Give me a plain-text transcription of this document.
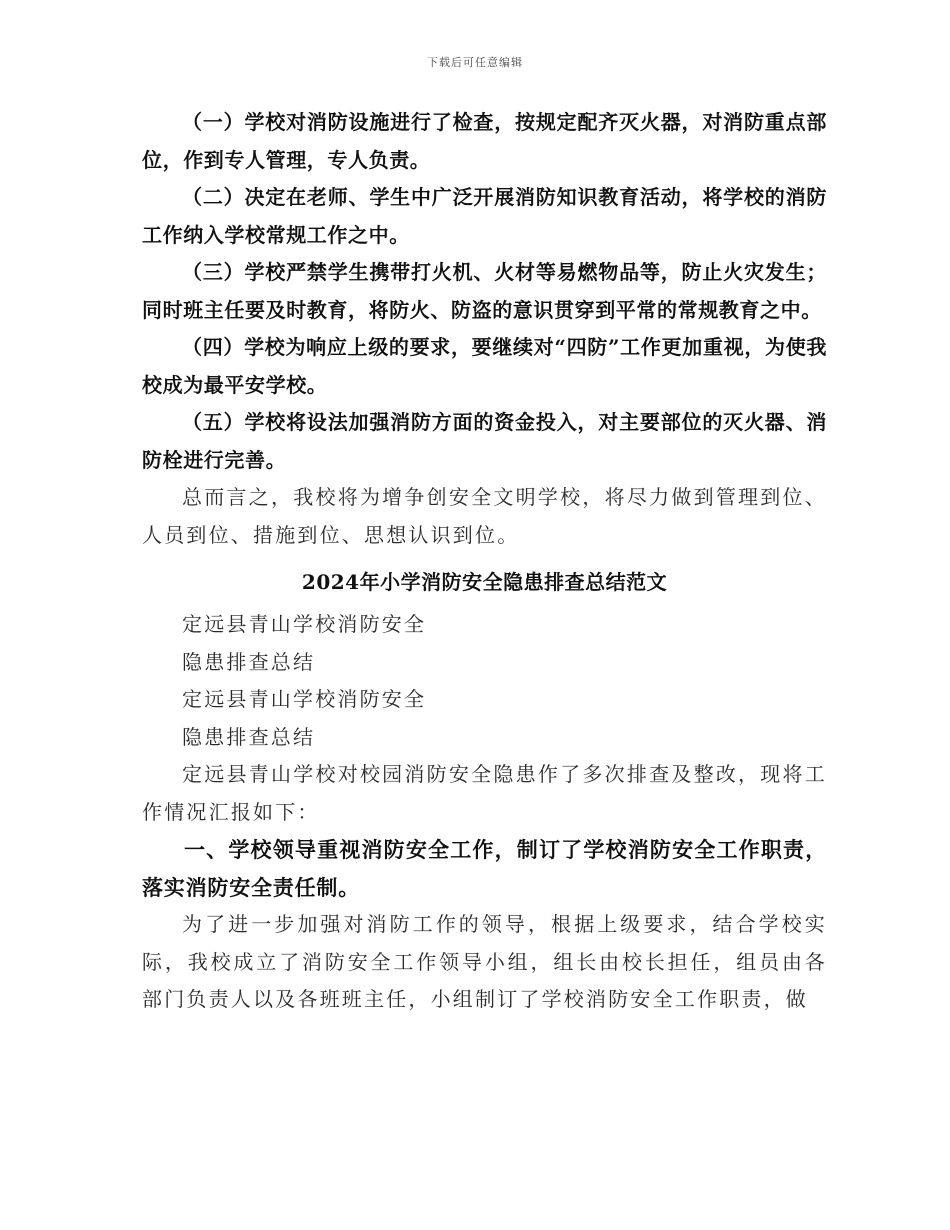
下载后可任意编辑

（一）学校对消防设施进行了检查，按规定配齐灭火器，对消防重点部位，作到专人管理，专人负责。

（二）决定在老师、学生中广泛开展消防知识教育活动，将学校的消防工作纳入学校常规工作之中。

（三）学校严禁学生携带打火机、火材等易燃物品等，防止火灾发生；同时班主任要及时教育，将防火、防盗的意识贯穿到平常的常规教育之中。

（四）学校为响应上级的要求，要继续对“四防”工作更加重视，为使我校成为最平安学校。

（五）学校将设法加强消防方面的资金投入，对主要部位的灭火器、消防栓进行完善。

总而言之，我校将为增争创安全文明学校，将尽力做到管理到位、人员到位、措施到位、思想认识到位。

2024年小学消防安全隐患排查总结范文

定远县青山学校消防安全

隐患排查总结

定远县青山学校消防安全

隐患排查总结

定远县青山学校对校园消防安全隐患作了多次排查及整改，现将工作情况汇报如下：

一、学校领导重视消防安全工作，制订了学校消防安全工作职责，落实消防安全责任制。

为了进一步加强对消防工作的领导，根据上级要求，结合学校实际，我校成立了消防安全工作领导小组，组长由校长担任，组员由各部门负责人以及各班班主任，小组制订了学校消防安全工作职责，做
